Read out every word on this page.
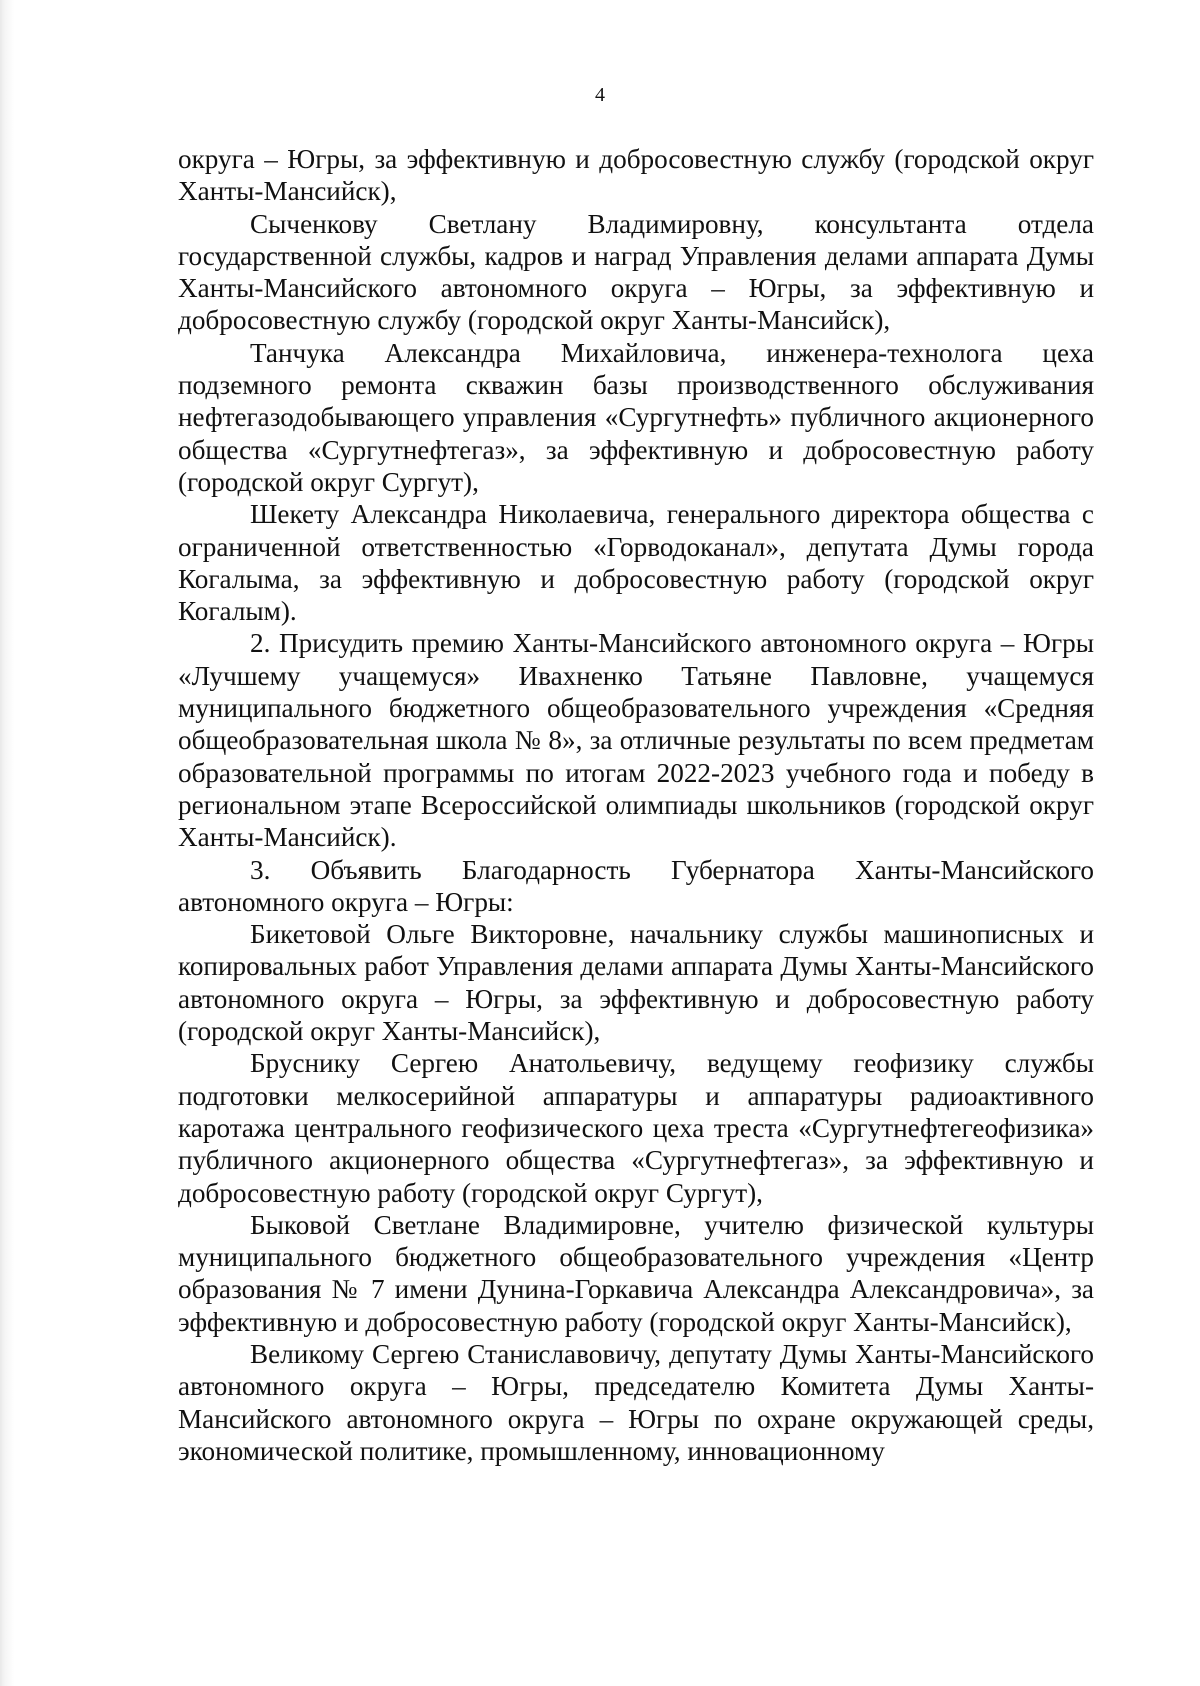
4

округа – Югры, за эффективную и добросовестную службу (городской округ Ханты-Мансийск),

Сыченкову Светлану Владимировну, консультанта отдела государственной службы, кадров и наград Управления делами аппарата Думы Ханты-Мансийского автономного округа – Югры, за эффективную и добросовестную службу (городской округ Ханты-Мансийск),

Танчука Александра Михайловича, инженера-технолога цеха подземного ремонта скважин базы производственного обслуживания нефтегазодобывающего управления «Сургутнефть» публичного акционерного общества «Сургутнефтегаз», за эффективную и добросовестную работу (городской округ Сургут),

Шекету Александра Николаевича, генерального директора общества с ограниченной ответственностью «Горводоканал», депутата Думы города Когалыма, за эффективную и добросовестную работу (городской округ Когалым).

2. Присудить премию Ханты-Мансийского автономного округа – Югры «Лучшему учащемуся» Ивахненко Татьяне Павловне, учащемуся муниципального бюджетного общеобразовательного учреждения «Средняя общеобразовательная школа № 8», за отличные результаты по всем предметам образовательной программы по итогам 2022-2023 учебного года и победу в региональном этапе Всероссийской олимпиады школьников (городской округ Ханты-Мансийск).

3. Объявить Благодарность Губернатора Ханты-Мансийского автономного округа – Югры:

Бикетовой Ольге Викторовне, начальнику службы машинописных и копировальных работ Управления делами аппарата Думы Ханты-Мансийского автономного округа – Югры, за эффективную и добросовестную работу (городской округ Ханты-Мансийск),

Бруснику Сергею Анатольевичу, ведущему геофизику службы подготовки мелкосерийной аппаратуры и аппаратуры радиоактивного каротажа центрального геофизического цеха треста «Сургутнефтегеофизика» публичного акционерного общества «Сургутнефтегаз», за эффективную и добросовестную работу (городской округ Сургут),

Быковой Светлане Владимировне, учителю физической культуры муниципального бюджетного общеобразовательного учреждения «Центр образования № 7 имени Дунина-Горкавича Александра Александровича», за эффективную и добросовестную работу (городской округ Ханты-Мансийск),

Великому Сергею Станиславовичу, депутату Думы Ханты-Мансийского автономного округа – Югры, председателю Комитета Думы Ханты-Мансийского автономного округа – Югры по охране окружающей среды, экономической политике, промышленному, инновационному
